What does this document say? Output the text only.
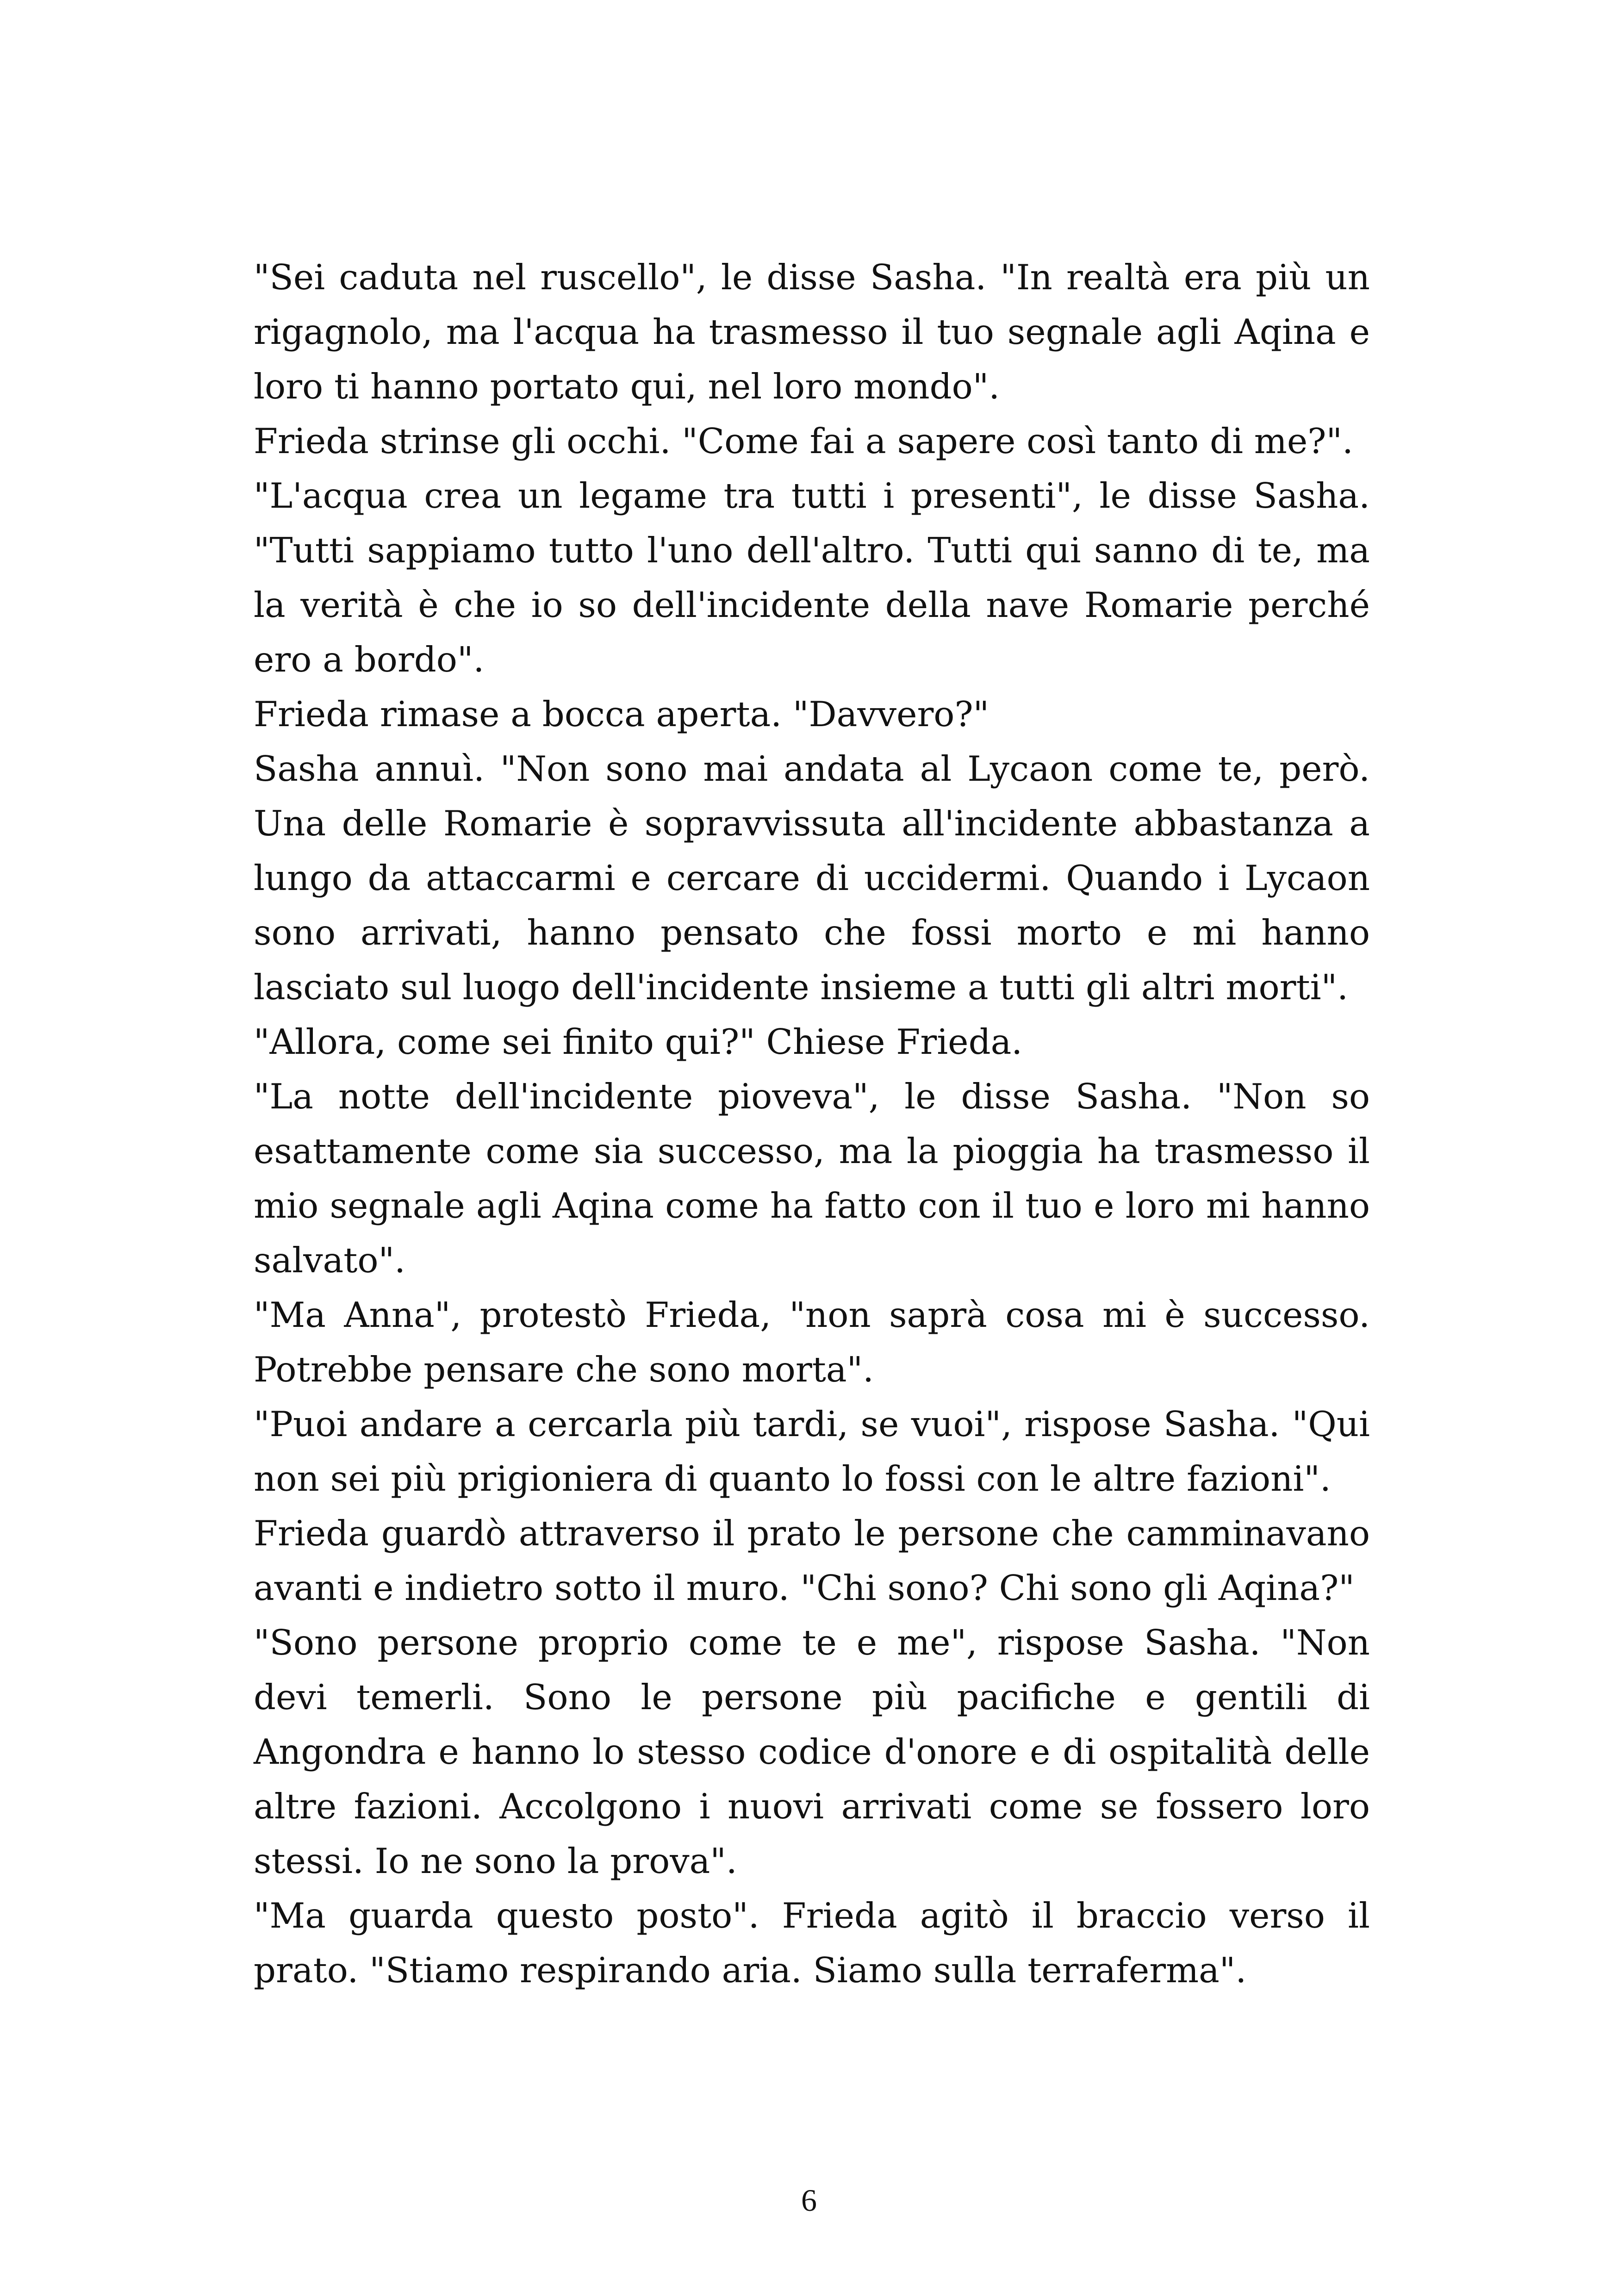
"Sei caduta nel ruscello", le disse Sasha. "In realtà era più un rigagnolo, ma l'acqua ha trasmesso il tuo segnale agli Aqina e loro ti hanno portato qui, nel loro mondo".

Frieda strinse gli occhi. "Come fai a sapere così tanto di me?".

"L'acqua crea un legame tra tutti i presenti", le disse Sasha. "Tutti sappiamo tutto l'uno dell'altro. Tutti qui sanno di te, ma la verità è che io so dell'incidente della nave Romarie perché ero a bordo".

Frieda rimase a bocca aperta. "Davvero?"

Sasha annuì. "Non sono mai andata al Lycaon come te, però. Una delle Romarie è sopravvissuta all'incidente abbastanza a lungo da attaccarmi e cercare di uccidermi. Quando i Lycaon sono arrivati, hanno pensato che fossi morto e mi hanno lasciato sul luogo dell'incidente insieme a tutti gli altri morti".

"Allora, come sei finito qui?" Chiese Frieda.

"La notte dell'incidente pioveva", le disse Sasha. "Non so esattamente come sia successo, ma la pioggia ha trasmesso il mio segnale agli Aqina come ha fatto con il tuo e loro mi hanno salvato".

"Ma Anna", protestò Frieda, "non saprà cosa mi è successo. Potrebbe pensare che sono morta".

"Puoi andare a cercarla più tardi, se vuoi", rispose Sasha. "Qui non sei più prigioniera di quanto lo fossi con le altre fazioni".

Frieda guardò attraverso il prato le persone che camminavano avanti e indietro sotto il muro. "Chi sono? Chi sono gli Aqina?"

"Sono persone proprio come te e me", rispose Sasha. "Non devi temerli. Sono le persone più pacifiche e gentili di Angondra e hanno lo stesso codice d'onore e di ospitalità delle altre fazioni. Accolgono i nuovi arrivati come se fossero loro stessi. Io ne sono la prova".

"Ma guarda questo posto". Frieda agitò il braccio verso il prato. "Stiamo respirando aria. Siamo sulla terraferma".

6
